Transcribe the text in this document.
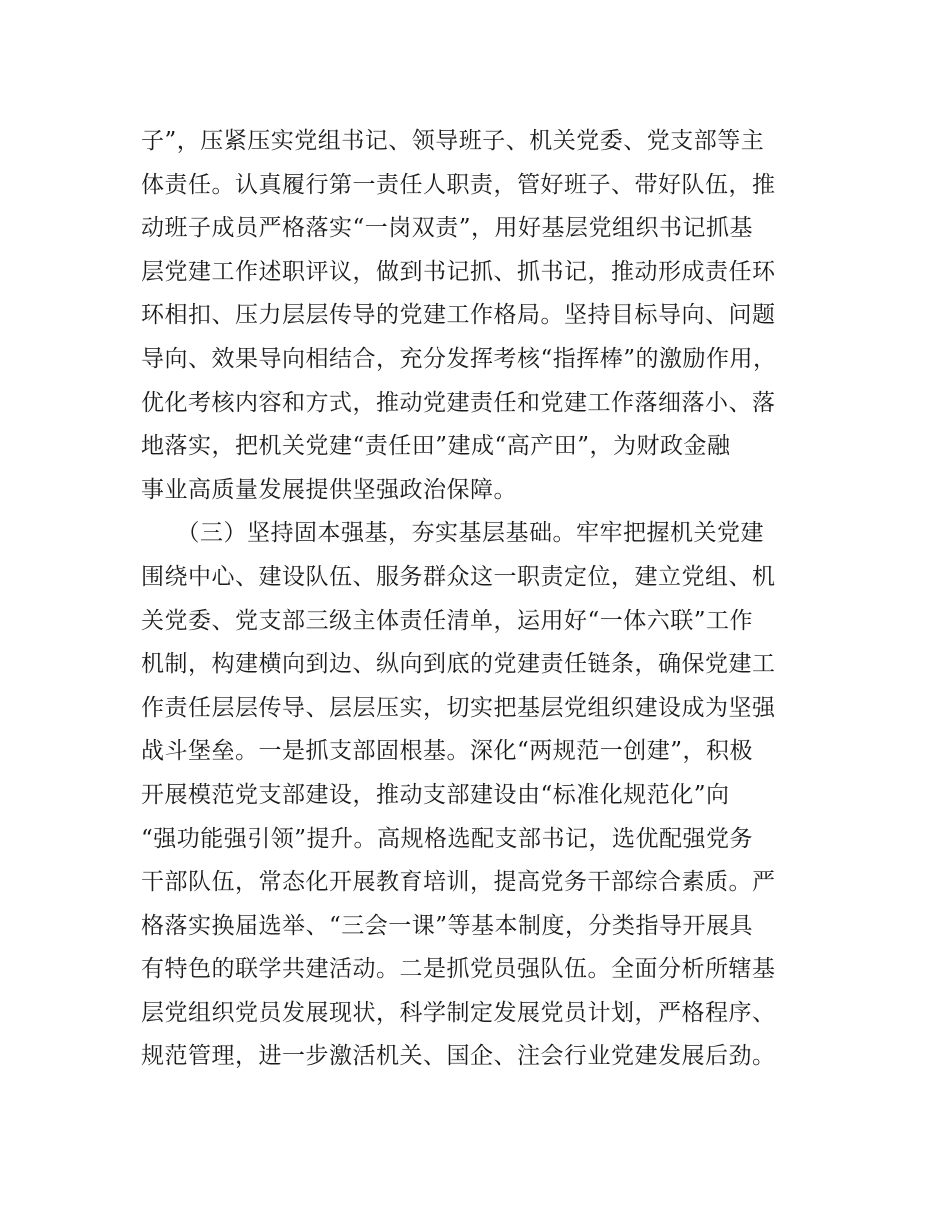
子”，压紧压实党组书记、领导班子、机关党委、党支部等主
体责任。认真履行第一责任人职责，管好班子、带好队伍，推
动班子成员严格落实“一岗双责”，用好基层党组织书记抓基
层党建工作述职评议，做到书记抓、抓书记，推动形成责任环
环相扣、压力层层传导的党建工作格局。坚持目标导向、问题
导向、效果导向相结合，充分发挥考核“指挥棒”的激励作用，
优化考核内容和方式，推动党建责任和党建工作落细落小、落
地落实，把机关党建“责任田”建成“高产田”，为财政金融
事业高质量发展提供坚强政治保障。
　　（三）坚持固本强基，夯实基层基础。牢牢把握机关党建
围绕中心、建设队伍、服务群众这一职责定位，建立党组、机
关党委、党支部三级主体责任清单，运用好“一体六联”工作
机制，构建横向到边、纵向到底的党建责任链条，确保党建工
作责任层层传导、层层压实，切实把基层党组织建设成为坚强
战斗堡垒。一是抓支部固根基。深化“两规范一创建”，积极
开展模范党支部建设，推动支部建设由“标准化规范化”向
“强功能强引领”提升。高规格选配支部书记，选优配强党务
干部队伍，常态化开展教育培训，提高党务干部综合素质。严
格落实换届选举、“三会一课”等基本制度，分类指导开展具
有特色的联学共建活动。二是抓党员强队伍。全面分析所辖基
层党组织党员发展现状，科学制定发展党员计划，严格程序、
规范管理，进一步激活机关、国企、注会行业党建发展后劲。
